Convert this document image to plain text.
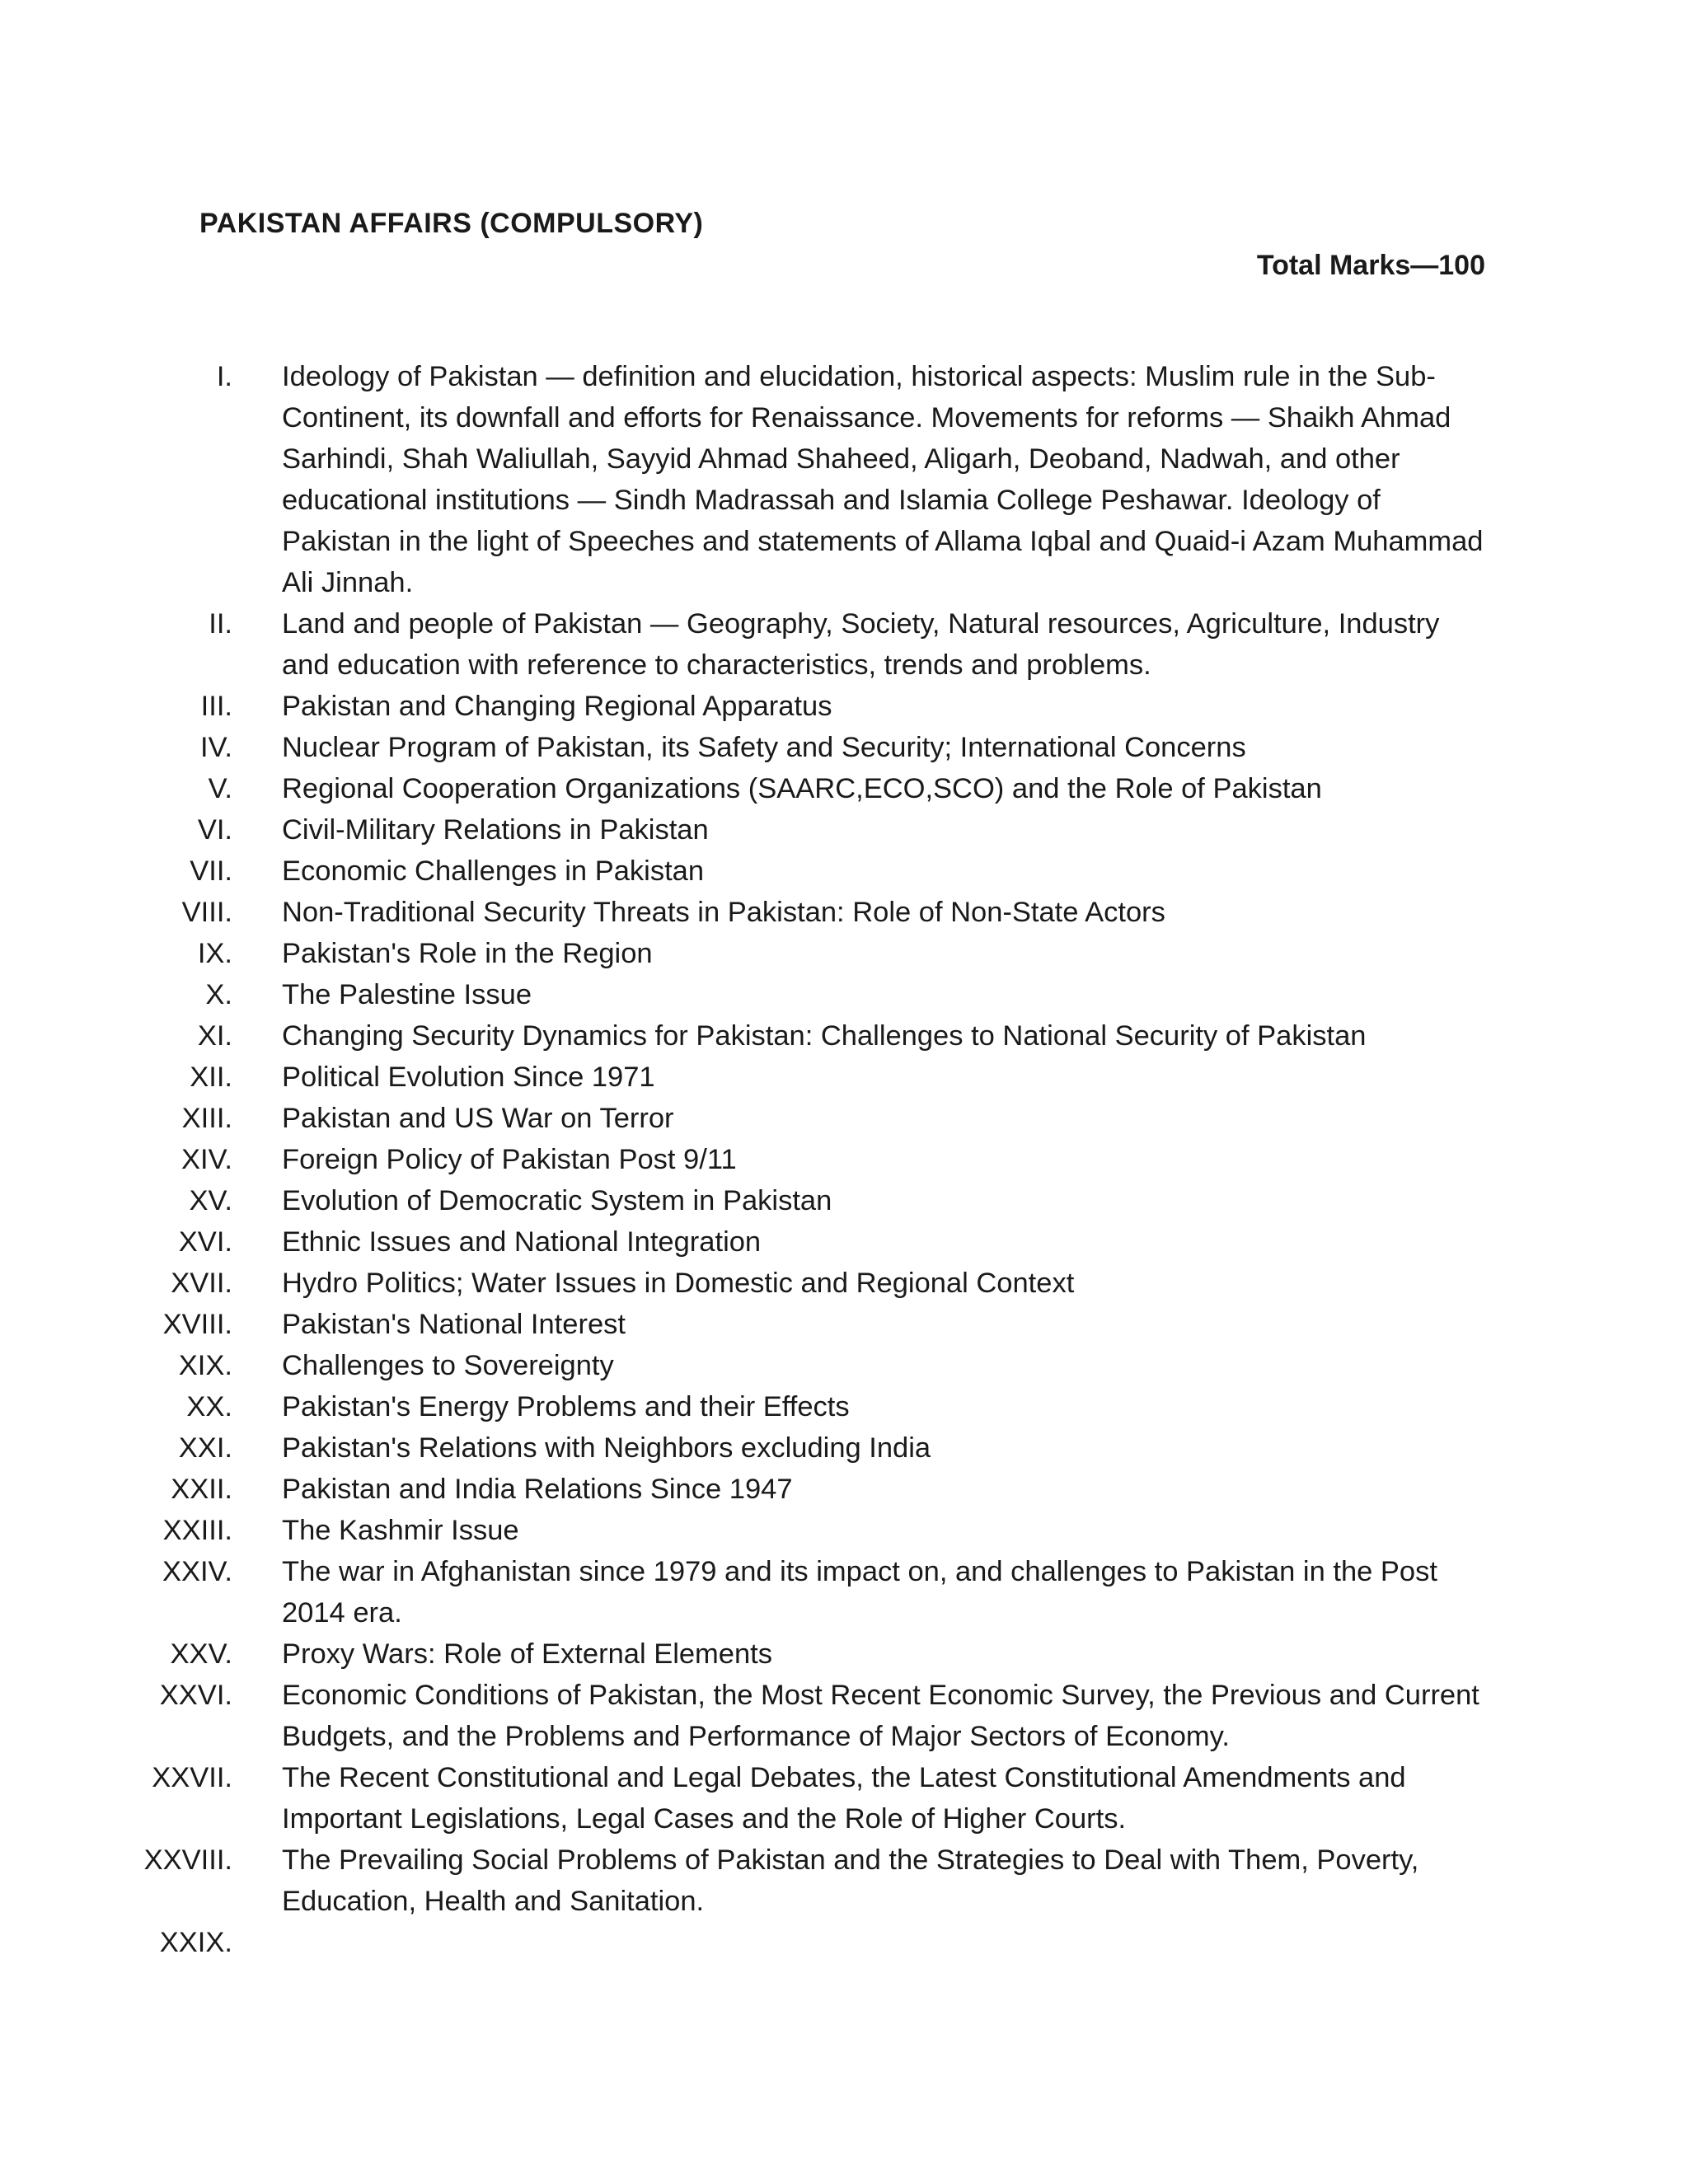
PAKISTAN AFFAIRS (COMPULSORY)
Total Marks—100
I. Ideology of Pakistan — definition and elucidation, historical aspects: Muslim rule in the Sub-Continent, its downfall and efforts for Renaissance. Movements for reforms — Shaikh Ahmad Sarhindi, Shah Waliullah, Sayyid Ahmad Shaheed, Aligarh, Deoband, Nadwah, and other educational institutions — Sindh Madrassah and Islamia College Peshawar. Ideology of Pakistan in the light of Speeches and statements of Allama Iqbal and Quaid-i Azam Muhammad Ali Jinnah.
II. Land and people of Pakistan — Geography, Society, Natural resources, Agriculture, Industry and education with reference to characteristics, trends and problems.
III. Pakistan and Changing Regional Apparatus
IV. Nuclear Program of Pakistan, its Safety and Security; International Concerns
V. Regional Cooperation Organizations (SAARC,ECO,SCO) and the Role of Pakistan
VI. Civil-Military Relations in Pakistan
VII. Economic Challenges in Pakistan
VIII. Non-Traditional Security Threats in Pakistan: Role of Non-State Actors
IX. Pakistan's Role in the Region
X. The Palestine Issue
XI. Changing Security Dynamics for Pakistan: Challenges to National Security of Pakistan
XII. Political Evolution Since 1971
XIII. Pakistan and US War on Terror
XIV. Foreign Policy of Pakistan Post 9/11
XV. Evolution of Democratic System in Pakistan
XVI. Ethnic Issues and National Integration
XVII. Hydro Politics; Water Issues in Domestic and Regional Context
XVIII. Pakistan's National Interest
XIX. Challenges to Sovereignty
XX. Pakistan's Energy Problems and their Effects
XXI. Pakistan's Relations with Neighbors excluding India
XXII. Pakistan and India Relations Since 1947
XXIII. The Kashmir Issue
XXIV. The war in Afghanistan since 1979 and its impact on, and challenges to Pakistan in the Post 2014 era.
XXV. Proxy Wars: Role of External Elements
XXVI. Economic Conditions of Pakistan, the Most Recent Economic Survey, the Previous and Current Budgets, and the Problems and Performance of Major Sectors of Economy.
XXVII. The Recent Constitutional and Legal Debates, the Latest Constitutional Amendments and Important Legislations, Legal Cases and the Role of Higher Courts.
XXVIII. The Prevailing Social Problems of Pakistan and the Strategies to Deal with Them, Poverty, Education, Health and Sanitation.
XXIX.
